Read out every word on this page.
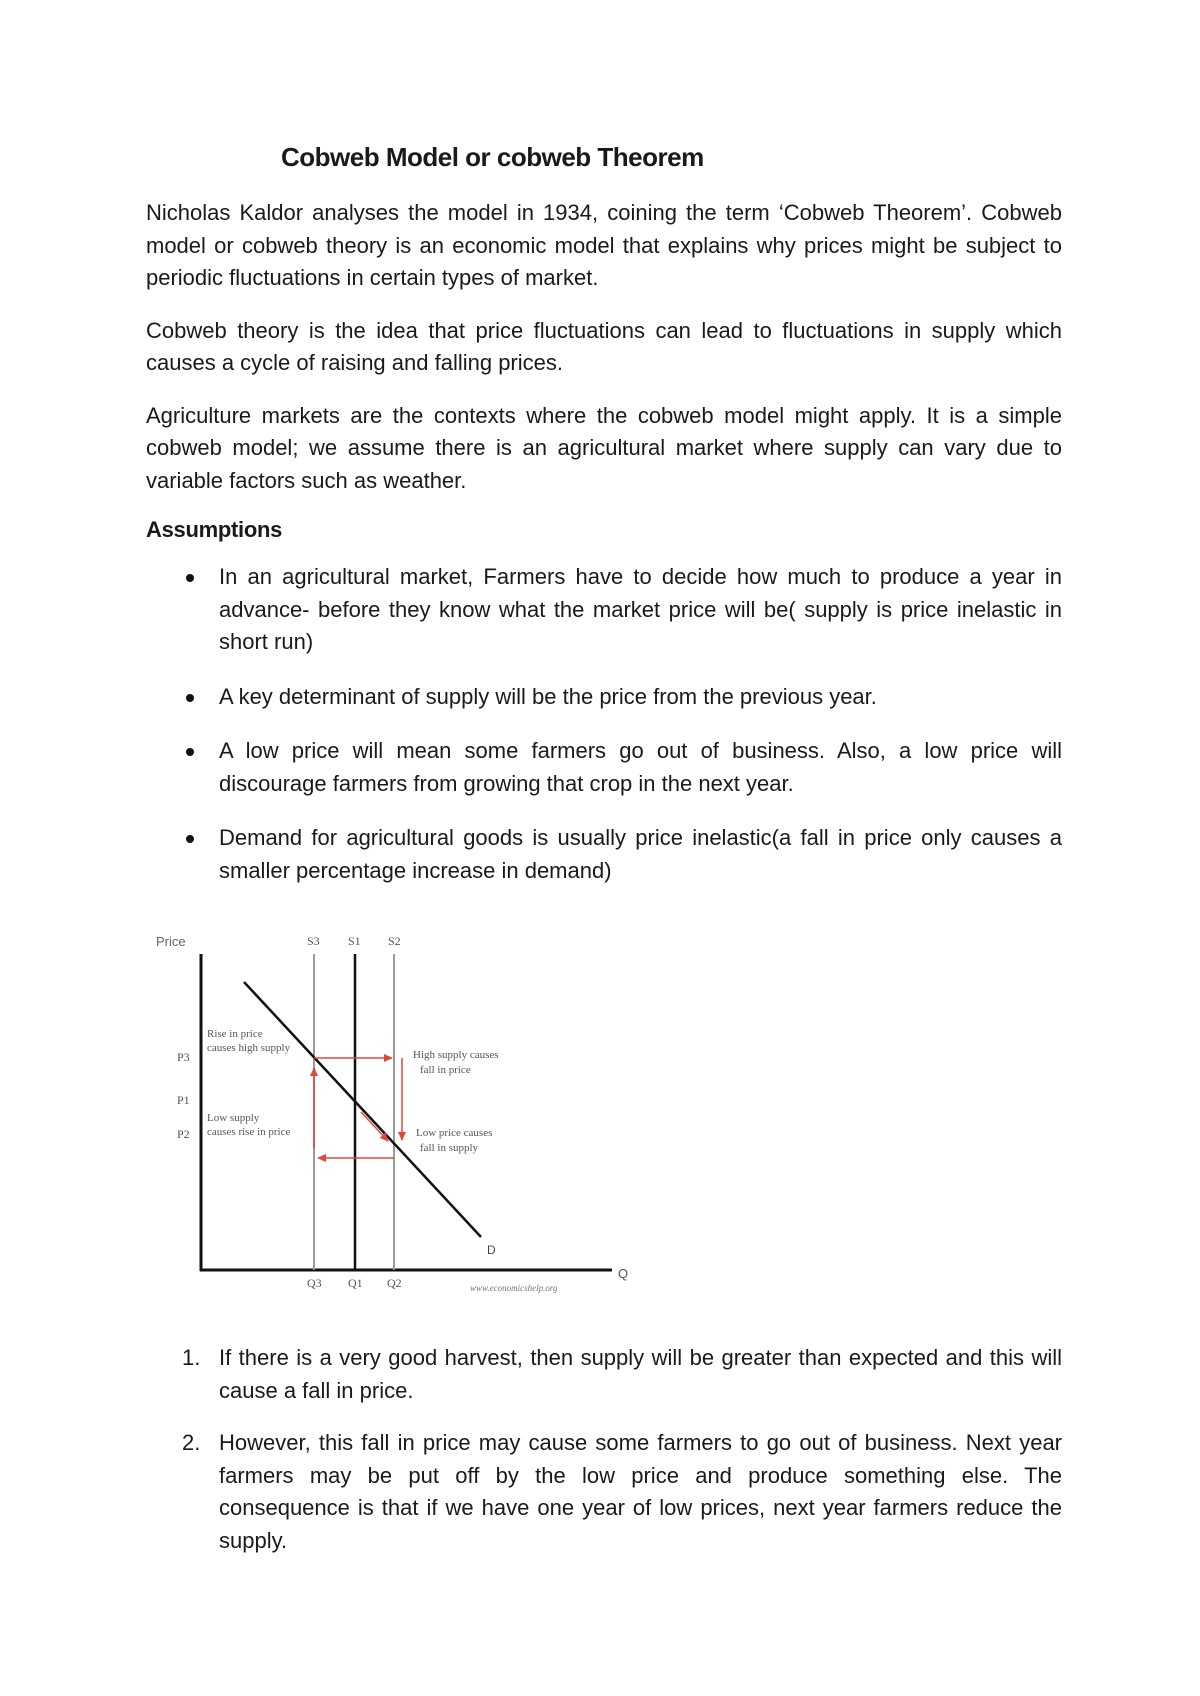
Cobweb Model or cobweb Theorem

Nicholas Kaldor analyses the model in 1934, coining the term ‘Cobweb Theorem’. Cobweb model or cobweb theory is an economic model that explains why prices might be subject to periodic fluctuations in certain types of market.

Cobweb theory is the idea that price fluctuations can lead to fluctuations in supply which causes a cycle of raising and falling prices.

Agriculture markets are the contexts where the cobweb model might apply. It is a simple cobweb model; we assume there is an agricultural market where supply can vary due to variable factors such as weather.

Assumptions
In an agricultural market, Farmers have to decide how much to produce a year in advance- before they know what the market price will be( supply is price inelastic in short run)
A key determinant of supply will be the price from the previous year.
A low price will mean some farmers go out of business. Also, a low price will discourage farmers from growing that crop in the next year.
Demand for agricultural goods is usually price inelastic(a fall in price only causes a smaller percentage increase in demand)
Price
Q
D
S3 S1 S2
Q3 Q1 Q2
P3
P1
P2
Rise in price
causes high supply
High supply causes
fall in price
Low supply
causes rise in price	Low price causes
fall in supply
www.economicshelp.org
1. If there is a very good harvest, then supply will be greater than expected and this will cause a fall in price.
2. However, this fall in price may cause some farmers to go out of business. Next year farmers may be put off by the low price and produce something else. The consequence is that if we have one year of low prices, next year farmers reduce the supply.
